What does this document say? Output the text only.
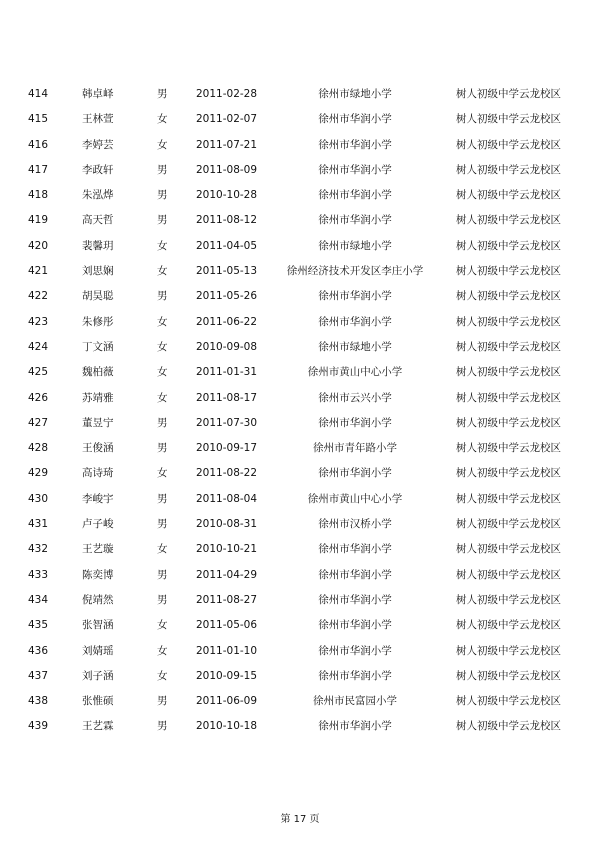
414	韩卓峄	男	2011-02-28	徐州市绿地小学	树人初级中学云龙校区
415	王林萱	女	2011-02-07	徐州市华润小学	树人初级中学云龙校区
416	李婷芸	女	2011-07-21	徐州市华润小学	树人初级中学云龙校区
417	李政轩	男	2011-08-09	徐州市华润小学	树人初级中学云龙校区
418	朱泓烨	男	2010-10-28	徐州市华润小学	树人初级中学云龙校区
419	高天哲	男	2011-08-12	徐州市华润小学	树人初级中学云龙校区
420	裴馨玥	女	2011-04-05	徐州市绿地小学	树人初级中学云龙校区
421	刘思娴	女	2011-05-13	徐州经济技术开发区李庄小学	树人初级中学云龙校区
422	胡昊聪	男	2011-05-26	徐州市华润小学	树人初级中学云龙校区
423	朱修彤	女	2011-06-22	徐州市华润小学	树人初级中学云龙校区
424	丁文涵	女	2010-09-08	徐州市绿地小学	树人初级中学云龙校区
425	魏柏薇	女	2011-01-31	徐州市黄山中心小学	树人初级中学云龙校区
426	苏靖雅	女	2011-08-17	徐州市云兴小学	树人初级中学云龙校区
427	董昱宁	男	2011-07-30	徐州市华润小学	树人初级中学云龙校区
428	王俊涵	男	2010-09-17	徐州市青年路小学	树人初级中学云龙校区
429	高诗琦	女	2011-08-22	徐州市华润小学	树人初级中学云龙校区
430	李峻宇	男	2011-08-04	徐州市黄山中心小学	树人初级中学云龙校区
431	卢子峻	男	2010-08-31	徐州市汉桥小学	树人初级中学云龙校区
432	王艺璇	女	2010-10-21	徐州市华润小学	树人初级中学云龙校区
433	陈奕博	男	2011-04-29	徐州市华润小学	树人初级中学云龙校区
434	倪靖然	男	2011-08-27	徐州市华润小学	树人初级中学云龙校区
435	张智涵	女	2011-05-06	徐州市华润小学	树人初级中学云龙校区
436	刘婧瑶	女	2011-01-10	徐州市华润小学	树人初级中学云龙校区
437	刘子涵	女	2010-09-15	徐州市华润小学	树人初级中学云龙校区
438	张惟硕	男	2011-06-09	徐州市民富园小学	树人初级中学云龙校区
439	王艺霖	男	2010-10-18	徐州市华润小学	树人初级中学云龙校区
第 17 页
